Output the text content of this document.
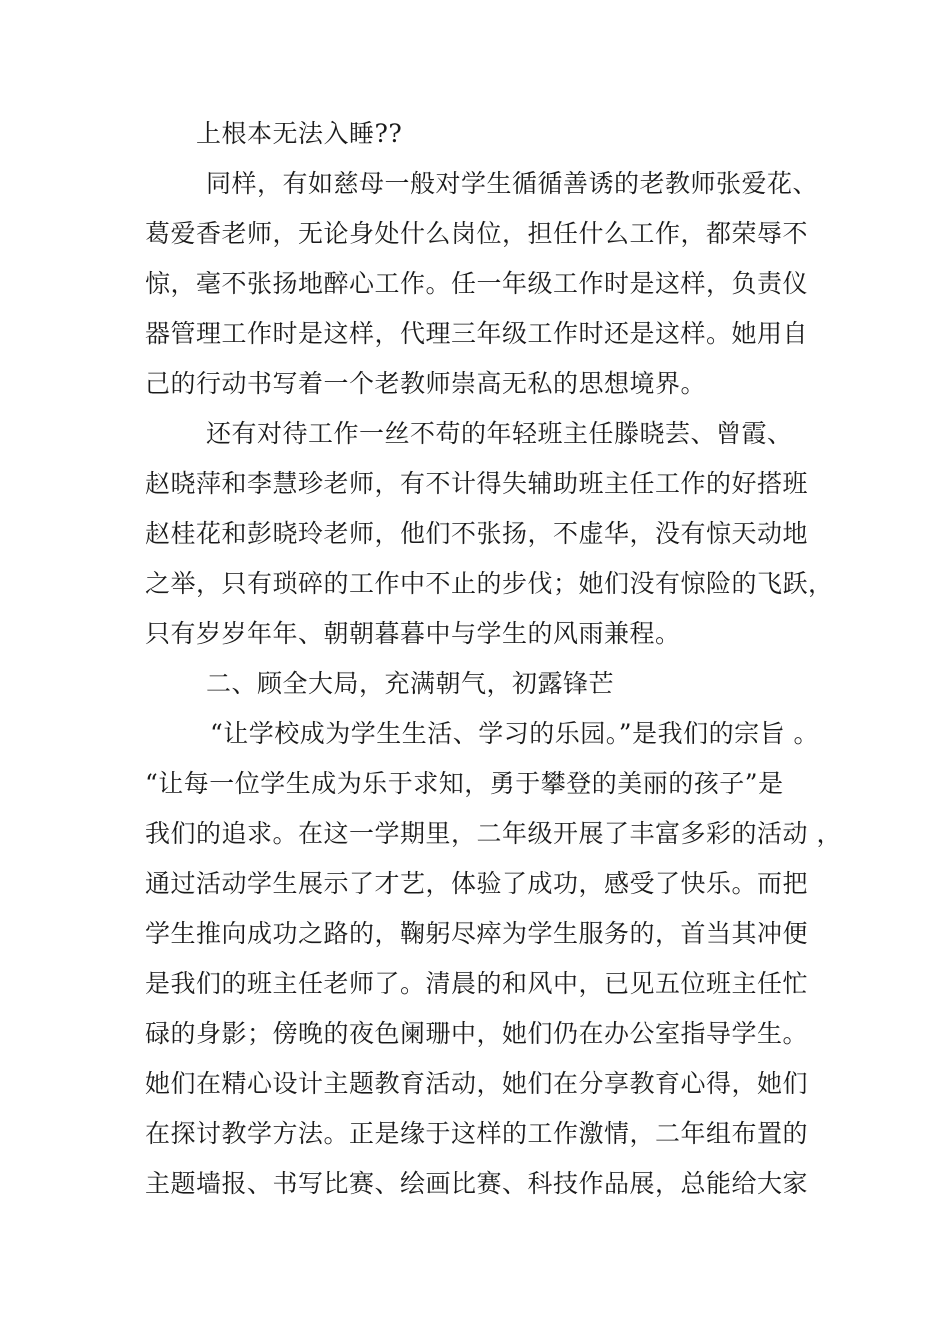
上根本无法入睡??
同样，有如慈母一般对学生循循善诱的老教师张爱花、
葛爱香老师，无论身处什么岗位，担任什么工作，都荣辱不
惊，毫不张扬地醉心工作。任一年级工作时是这样，负责仪
器管理工作时是这样，代理三年级工作时还是这样。她用自
己的行动书写着一个老教师崇高无私的思想境界。
还有对待工作一丝不苟的年轻班主任滕晓芸、曾霞、
赵晓萍和李慧珍老师，有不计得失辅助班主任工作的好搭班
赵桂花和彭晓玲老师，他们不张扬，不虚华，没有惊天动地
之举，只有琐碎的工作中不止的步伐；她们没有惊险的飞跃，
只有岁岁年年、朝朝暮暮中与学生的风雨兼程。
二、顾全大局，充满朝气，初露锋芒
“让学校成为学生生活、学习的乐园。”是我们的宗旨 。
“让每一位学生成为乐于求知，勇于攀登的美丽的孩子”是
我们的追求。在这一学期里，二年级开展了丰富多彩的活动 ，
通过活动学生展示了才艺，体验了成功，感受了快乐。而把
学生推向成功之路的，鞠躬尽瘁为学生服务的，首当其冲便
是我们的班主任老师了。清晨的和风中，已见五位班主任忙
碌的身影；傍晚的夜色阑珊中，她们仍在办公室指导学生。
她们在精心设计主题教育活动，她们在分享教育心得，她们
在探讨教学方法。正是缘于这样的工作激情，二年组布置的
主题墙报、书写比赛、绘画比赛、科技作品展，总能给大家
